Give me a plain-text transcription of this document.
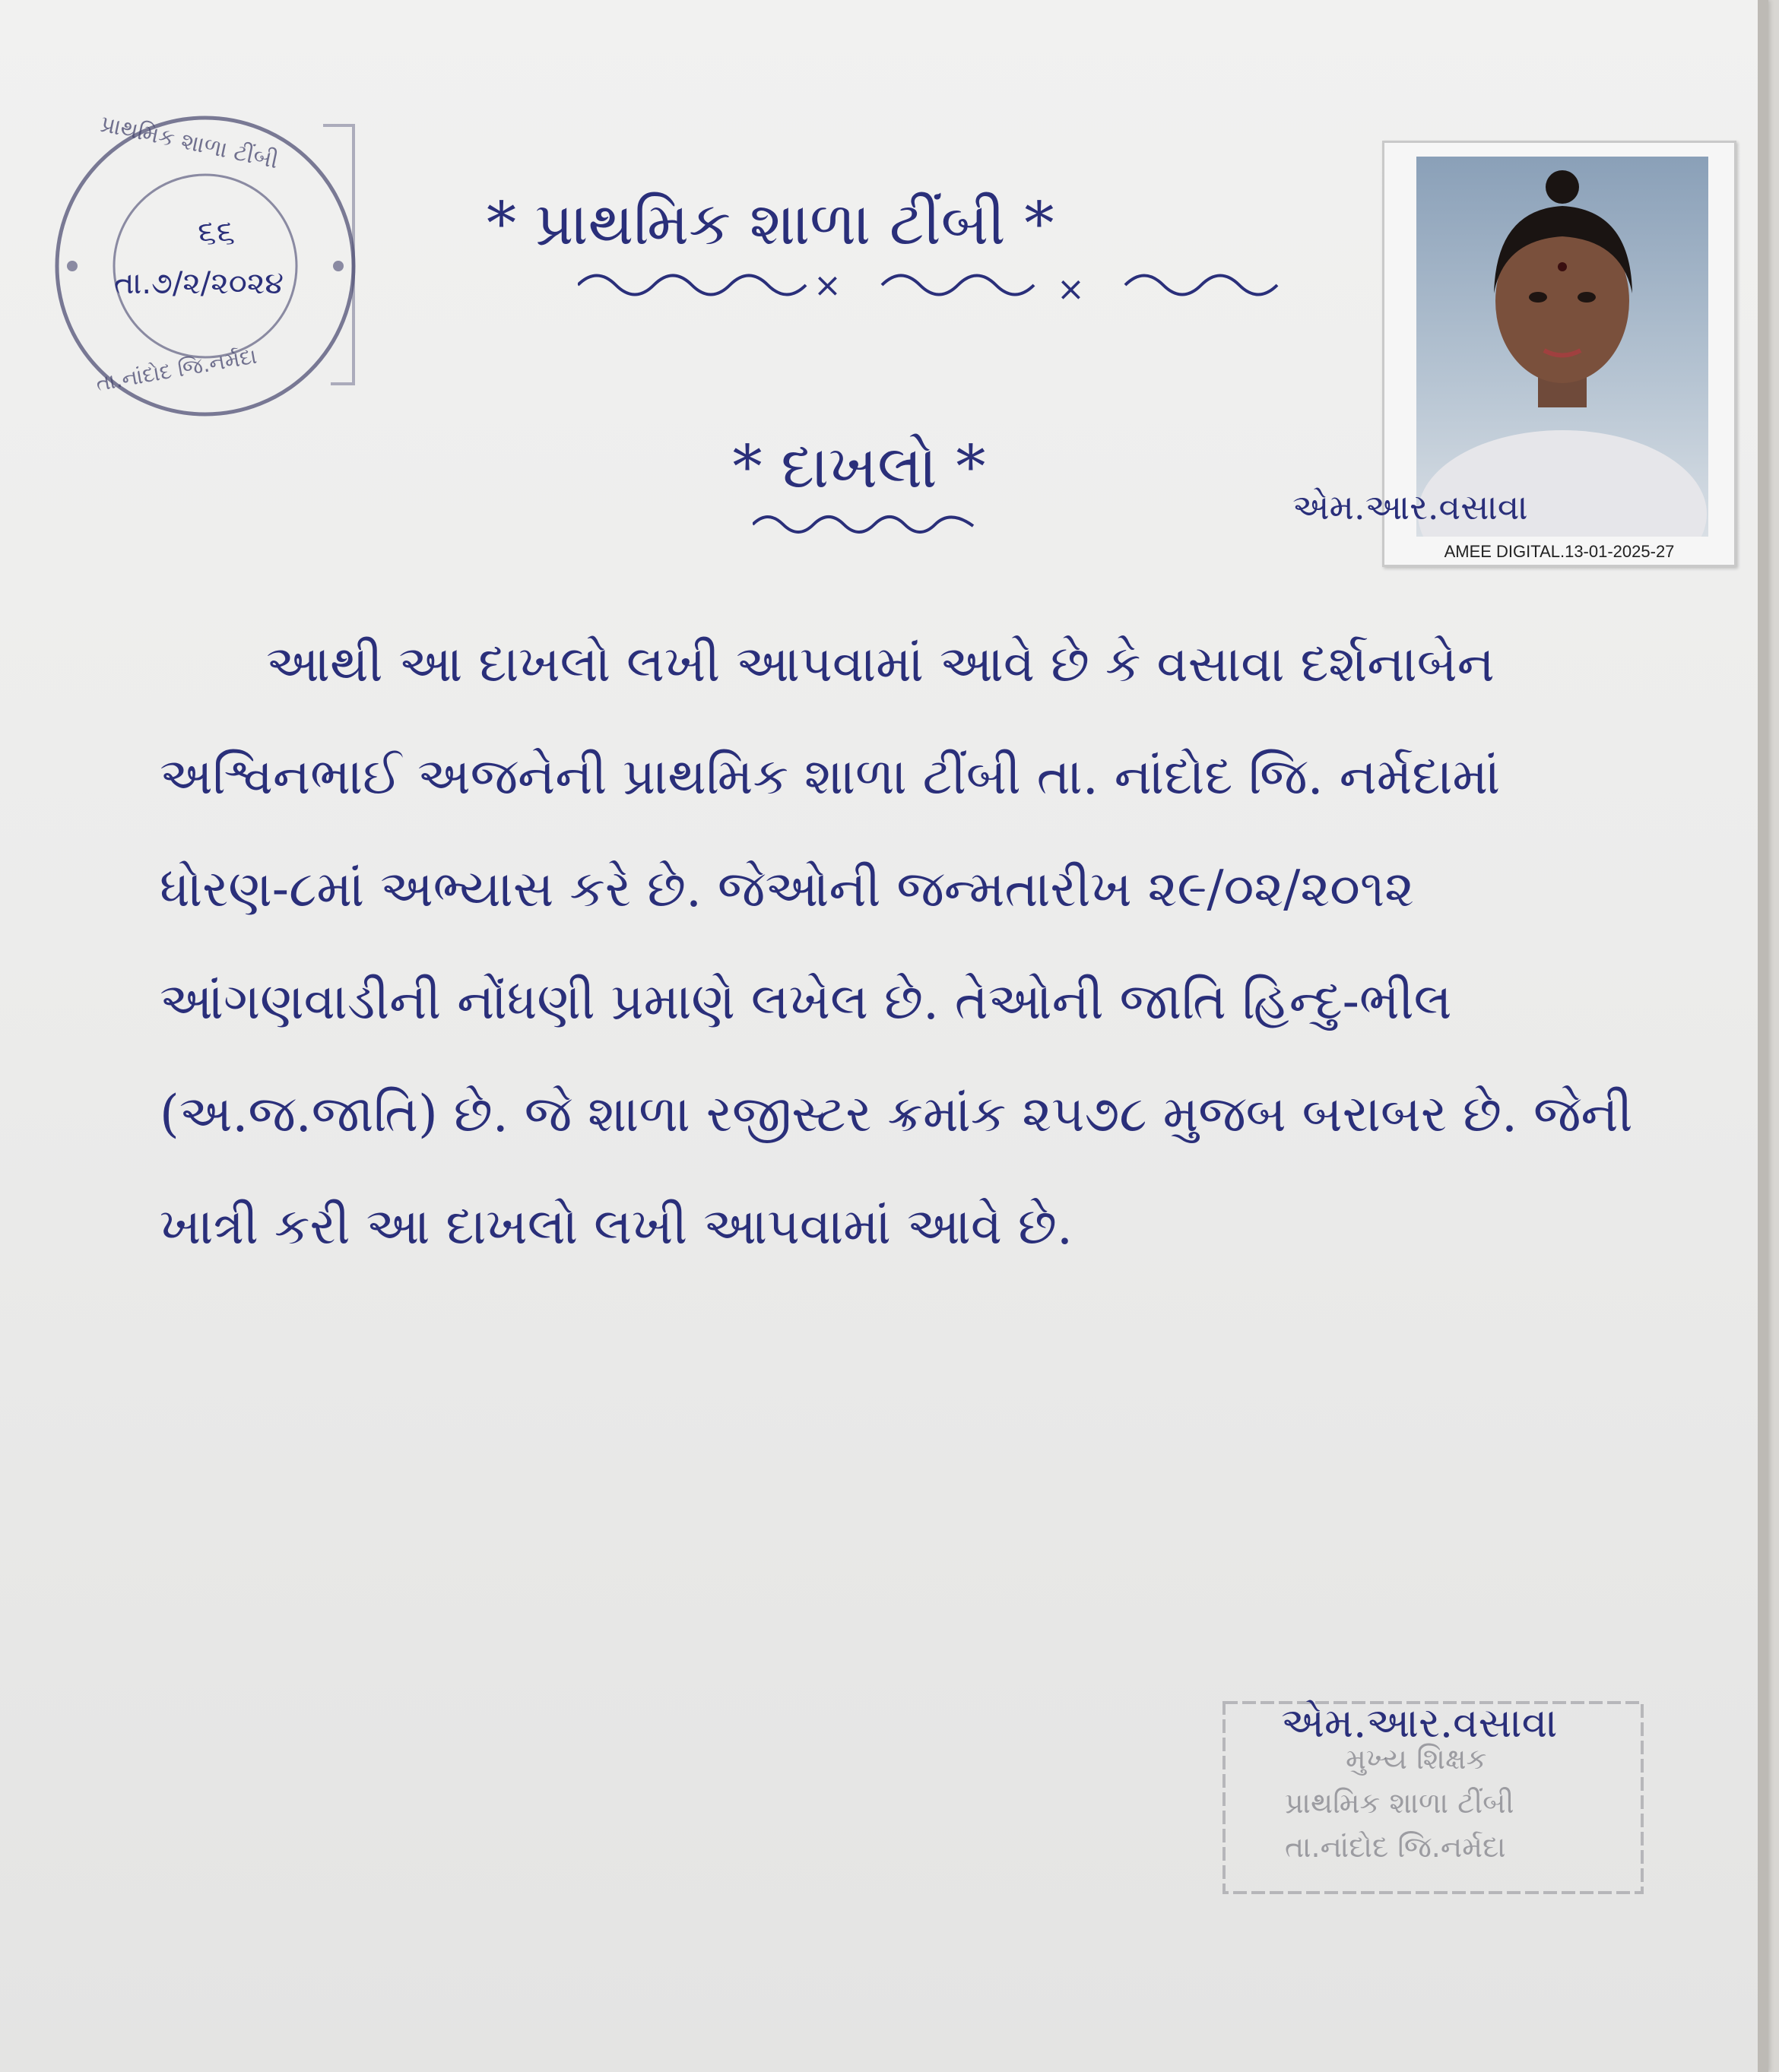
પ્રાથમિક શાળા ટીંબી
૬૬
તા.૭/૨/૨૦૨૪
તા.નાંદોદ જિ.નર્મદા
* પ્રાથમિક શાળા ટીંબી *
×	×
* દાખલો *
AMEE DIGITAL.13-01-2025-27
એમ.આર.વસાવા
આથી આ દાખલો લખી આપવામાં આવે છે કે વસાવા દર્શનાબેન અશ્વિનભાઈ અજનેની પ્રાથમિક શાળા ટીંબી તા. નાંદોદ જિ. નર્મદામાં ધોરણ-૮માં અભ્યાસ કરે છે. જેઓની જન્મતારીખ ૨૯/૦૨/૨૦૧૨ આંગણવાડીની નોંધણી પ્રમાણે લખેલ છે. તેઓની જાતિ હિન્દુ-ભીલ (અ.જ.જાતિ) છે. જે શાળા રજીસ્ટર ક્રમાંક ૨૫૭૮ મુજબ બરાબર છે. જેની ખાત્રી કરી આ દાખલો લખી આપવામાં આવે છે.
એમ.આર.વસાવા
મુખ્ય શિક્ષક
પ્રાથમિક શાળા ટીંબી
તા.નાંદોદ જિ.નર્મદા
